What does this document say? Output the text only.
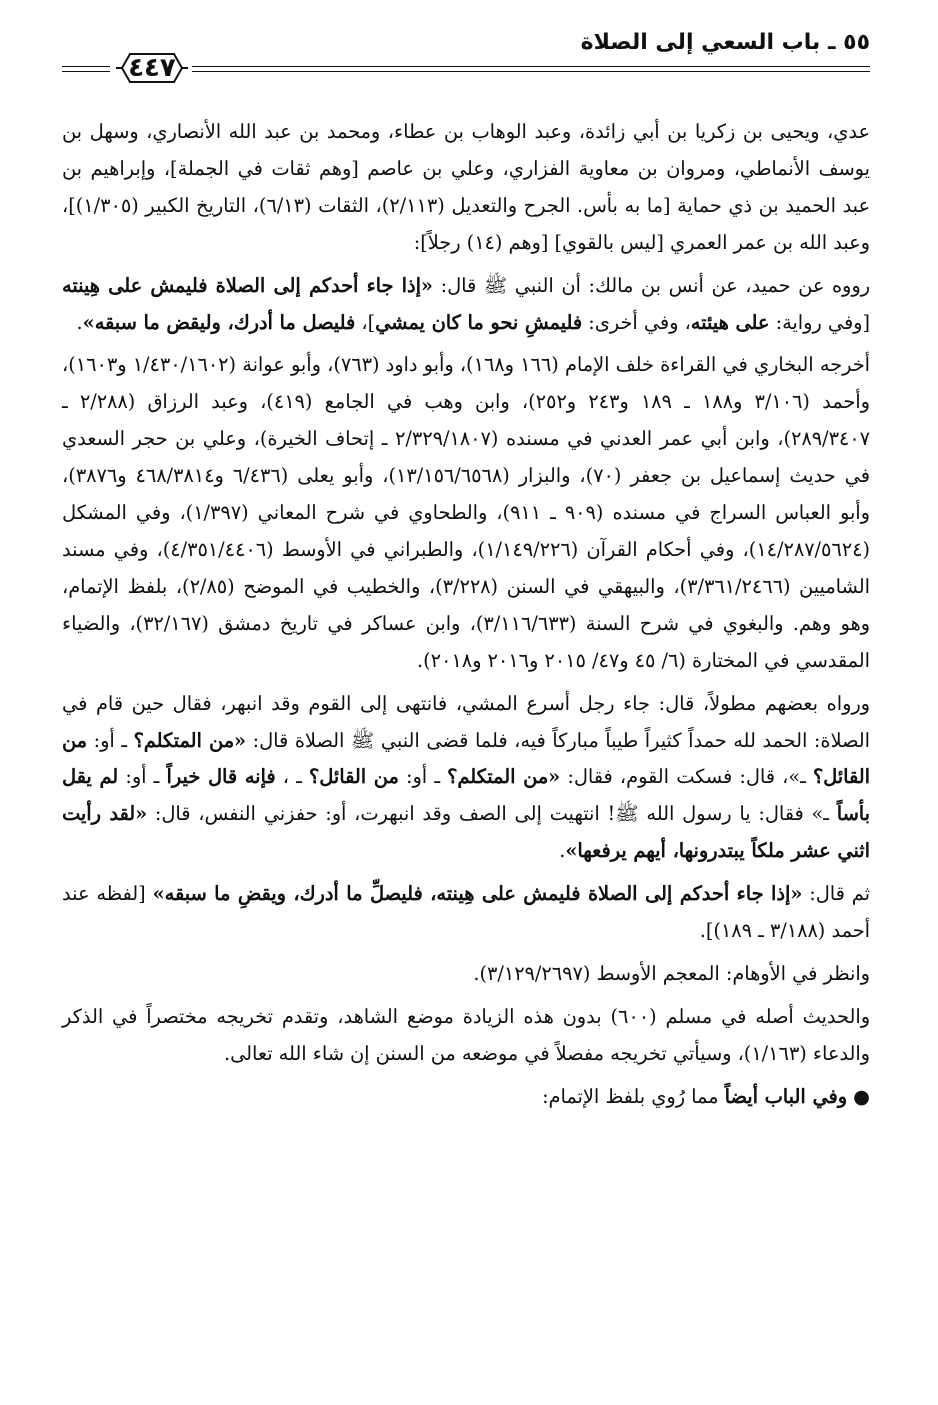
٥٥ ـ باب السعي إلى الصلاة
٤٤٧

عدي، ويحيى بن زكريا بن أبي زائدة، وعبد الوهاب بن عطاء، ومحمد بن عبد الله الأنصاري، وسهل بن يوسف الأنماطي، ومروان بن معاوية الفزاري، وعلي بن عاصم [وهم ثقات في الجملة]، وإبراهيم بن عبد الحميد بن ذي حماية [ما به بأس. الجرح والتعديل (٢/١١٣)، الثقات (٦/١٣)، التاريخ الكبير (١/٣٠٥)]، وعبد الله بن عمر العمري [ليس بالقوي] [وهم (١٤) رجلاً]:

رووه عن حميد، عن أنس بن مالك: أن النبي ﷺ قال: «إذا جاء أحدكم إلى الصلاة فليمش على هِينته [وفي رواية: على هيئته، وفي أخرى: فليمشِ نحو ما كان يمشي]، فليصل ما أدرك، وليقض ما سبقه».

أخرجه البخاري في القراءة خلف الإمام (١٦٦ و١٦٨)، وأبو داود (٧٦٣)، وأبو عوانة (١/٤٣٠/١٦٠٢ و١٦٠٣)، وأحمد (٣/١٠٦ و١٨٨ ـ ١٨٩ و٢٤٣ و٢٥٢)، وابن وهب في الجامع (٤١٩)، وعبد الرزاق (٢/٢٨٨ ـ ٢٨٩/٣٤٠٧)، وابن أبي عمر العدني في مسنده (٢/٣٢٩/١٨٠٧ ـ إتحاف الخيرة)، وعلي بن حجر السعدي في حديث إسماعيل بن جعفر (٧٠)، والبزار (١٣/١٥٦/٦٥٦٨)، وأبو يعلى (٦/٤٣٦ و٤٦٨/٣٨١٤ و٣٨٧٦)، وأبو العباس السراج في مسنده (٩٠٩ ـ ٩١١)، والطحاوي في شرح المعاني (١/٣٩٧)، وفي المشكل (١٤/٢٨٧/٥٦٢٤)، وفي أحكام القرآن (١/١٤٩/٢٢٦)، والطبراني في الأوسط (٤/٣٥١/٤٤٠٦)، وفي مسند الشاميين (٣/٣٦١/٢٤٦٦)، والبيهقي في السنن (٣/٢٢٨)، والخطيب في الموضح (٢/٨٥)، بلفظ الإتمام، وهو وهم. والبغوي في شرح السنة (٣/١١٦/٦٣٣)، وابن عساكر في تاريخ دمشق (٣٢/١٦٧)، والضياء المقدسي في المختارة (٦/ ٤٥ و٤٧/ ٢٠١٥ و٢٠١٦ و٢٠١٨).

ورواه بعضهم مطولاً، قال: جاء رجل أسرع المشي، فانتهى إلى القوم وقد انبهر، فقال حين قام في الصلاة: الحمد لله حمداً كثيراً طيباً مباركاً فيه، فلما قضى النبي ﷺ الصلاة قال: «من المتكلم؟ ـ أو: من القائل؟ ـ»، قال: فسكت القوم، فقال: «من المتكلم؟ ـ أو: من القائل؟ ـ ، فإنه قال خيراً ـ أو: لم يقل بأساً ـ» فقال: يا رسول الله ﷺ! انتهيت إلى الصف وقد انبهرت، أو: حفزني النفس، قال: «لقد رأيت اثني عشر ملكاً يبتدرونها، أيهم يرفعها».

ثم قال: «إذا جاء أحدكم إلى الصلاة فليمش على هِينته، فليصلِّ ما أدرك، ويقضِ ما سبقه» [لفظه عند أحمد (٣/١٨٨ ـ ١٨٩)].

وانظر في الأوهام: المعجم الأوسط (٣/١٢٩/٢٦٩٧).

والحديث أصله في مسلم (٦٠٠) بدون هذه الزيادة موضع الشاهد، وتقدم تخريجه مختصراً في الذكر والدعاء (١/١٦٣)، وسيأتي تخريجه مفصلاً في موضعه من السنن إن شاء الله تعالى.

● وفي الباب أيضاً مما رُوي بلفظ الإتمام:
